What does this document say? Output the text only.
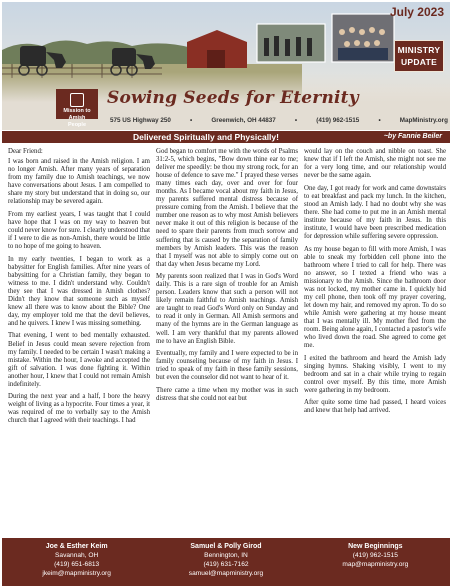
July 2023
MINISTRY
UPDATE
Mission to Amish People
Sowing Seeds for Eternity
575 US Highway 250	•	Greenwich, OH 44837	•	(419) 962-1515	•	MapMinistry.org
Delivered Spiritually and Physically!	~by Fannie Beiler

Dear Friend:

I was born and raised in the Amish religion. I am no longer Amish. After many years of separation from my family due to Amish teachings, we now have conversations about Jesus. I am compelled to share my story but understand that in doing so, our relationship may be severed again.

From my earliest years, I was taught that I could have hope that I was on my way to heaven but could never know for sure. I clearly understood that if I were to die as non-Amish, there would be little to no hope of me going to heaven.

In my early twenties, I began to work as a babysitter for English families. After nine years of babysitting for a Christian family, they began to witness to me. I didn't understand why. Couldn't they see that I was dressed in Amish clothes? Didn't they know that someone such as myself knew all there was to know about the Bible? One day, my employer told me that the devil believes, and he quivers. I knew I was missing something.

That evening, I went to bed mentally exhausted. Belief in Jesus could mean severe rejection from my family. I needed to be certain I wasn't making a mistake. Within the hour, I awoke and accepted the gift of salvation. I was done fighting it. Within another hour, I knew that I could not remain Amish indefinitely.

During the next year and a half, I bore the heavy weight of living as a hypocrite. Four times a year, it was required of me to verbally say to the Amish church that I agreed with their teachings. I had

God began to comfort me with the words of Psalms 31:2-5, which begins, "Bow down thine ear to me; deliver me speedily: be thou my strong rock, for an house of defence to save me." I prayed these verses many times each day, over and over for four months. As I became vocal about my faith in Jesus, my parents suffered mental distress because of pressure coming from the Amish. I believe that the number one reason as to why most Amish believers never make it out of this religion is because of the need to spare their parents from much sorrow and suffering that is caused by the separation of family members by Amish leaders. This was the reason that I myself was not able to simply come out on that day when Jesus became my Lord.

My parents soon realized that I was in God's Word daily. This is a rare sign of trouble for an Amish person. Leaders know that such a person will not likely remain faithful to Amish teachings. Amish are taught to read God's Word only on Sunday and to read it only in German. All Amish sermons and many of the hymns are in the German language as well. I am very thankful that my parents allowed me to have an English Bible.

Eventually, my family and I were expected to be in family counseling because of my faith in Jesus. I tried to speak of my faith in these family sessions, but even the counselor did not want to hear of it.

There came a time when my mother was in such distress that she could not eat but

would lay on the couch and nibble on toast. She knew that if I left the Amish, she might not see me for a very long time, and our relationship would never be the same again.

One day, I got ready for work and came downstairs to eat breakfast and pack my lunch. In the kitchen, stood an Amish lady. I had no doubt why she was there. She had come to put me in an Amish mental institute because of my faith in Jesus. In this institute, I would have been prescribed medication for depression while suffering severe oppression.

As my house began to fill with more Amish, I was able to sneak my forbidden cell phone into the bathroom where I tried to call for help. There was no answer, so I texted a friend who was a missionary to the Amish. Since the bathroom door was not locked, my mother came in. I quickly hid my cell phone, then took off my prayer covering, let down my hair, and removed my apron. To do so while Amish were gathering at my house meant that I was mentally ill. My mother fled from the room. Being alone again, I contacted a pastor's wife who lived down the road. She agreed to come get me.

I exited the bathroom and heard the Amish lady singing hymns. Shaking visibly, I went to my bedroom and sat in a chair while trying to regain control over myself. By this time, more Amish were gathering in my bedroom.

After quite some time had passed, I heard voices and knew that help had arrived.

Joe & Esther Keim
Savannah, OH
(419) 651-6813
jkeim@mapministry.org
Samuel & Polly Girod
Bennington, IN
(419) 631-7162
samuel@mapministry.org
New Beginnings
(419) 962-1515
map@mapministry.org
